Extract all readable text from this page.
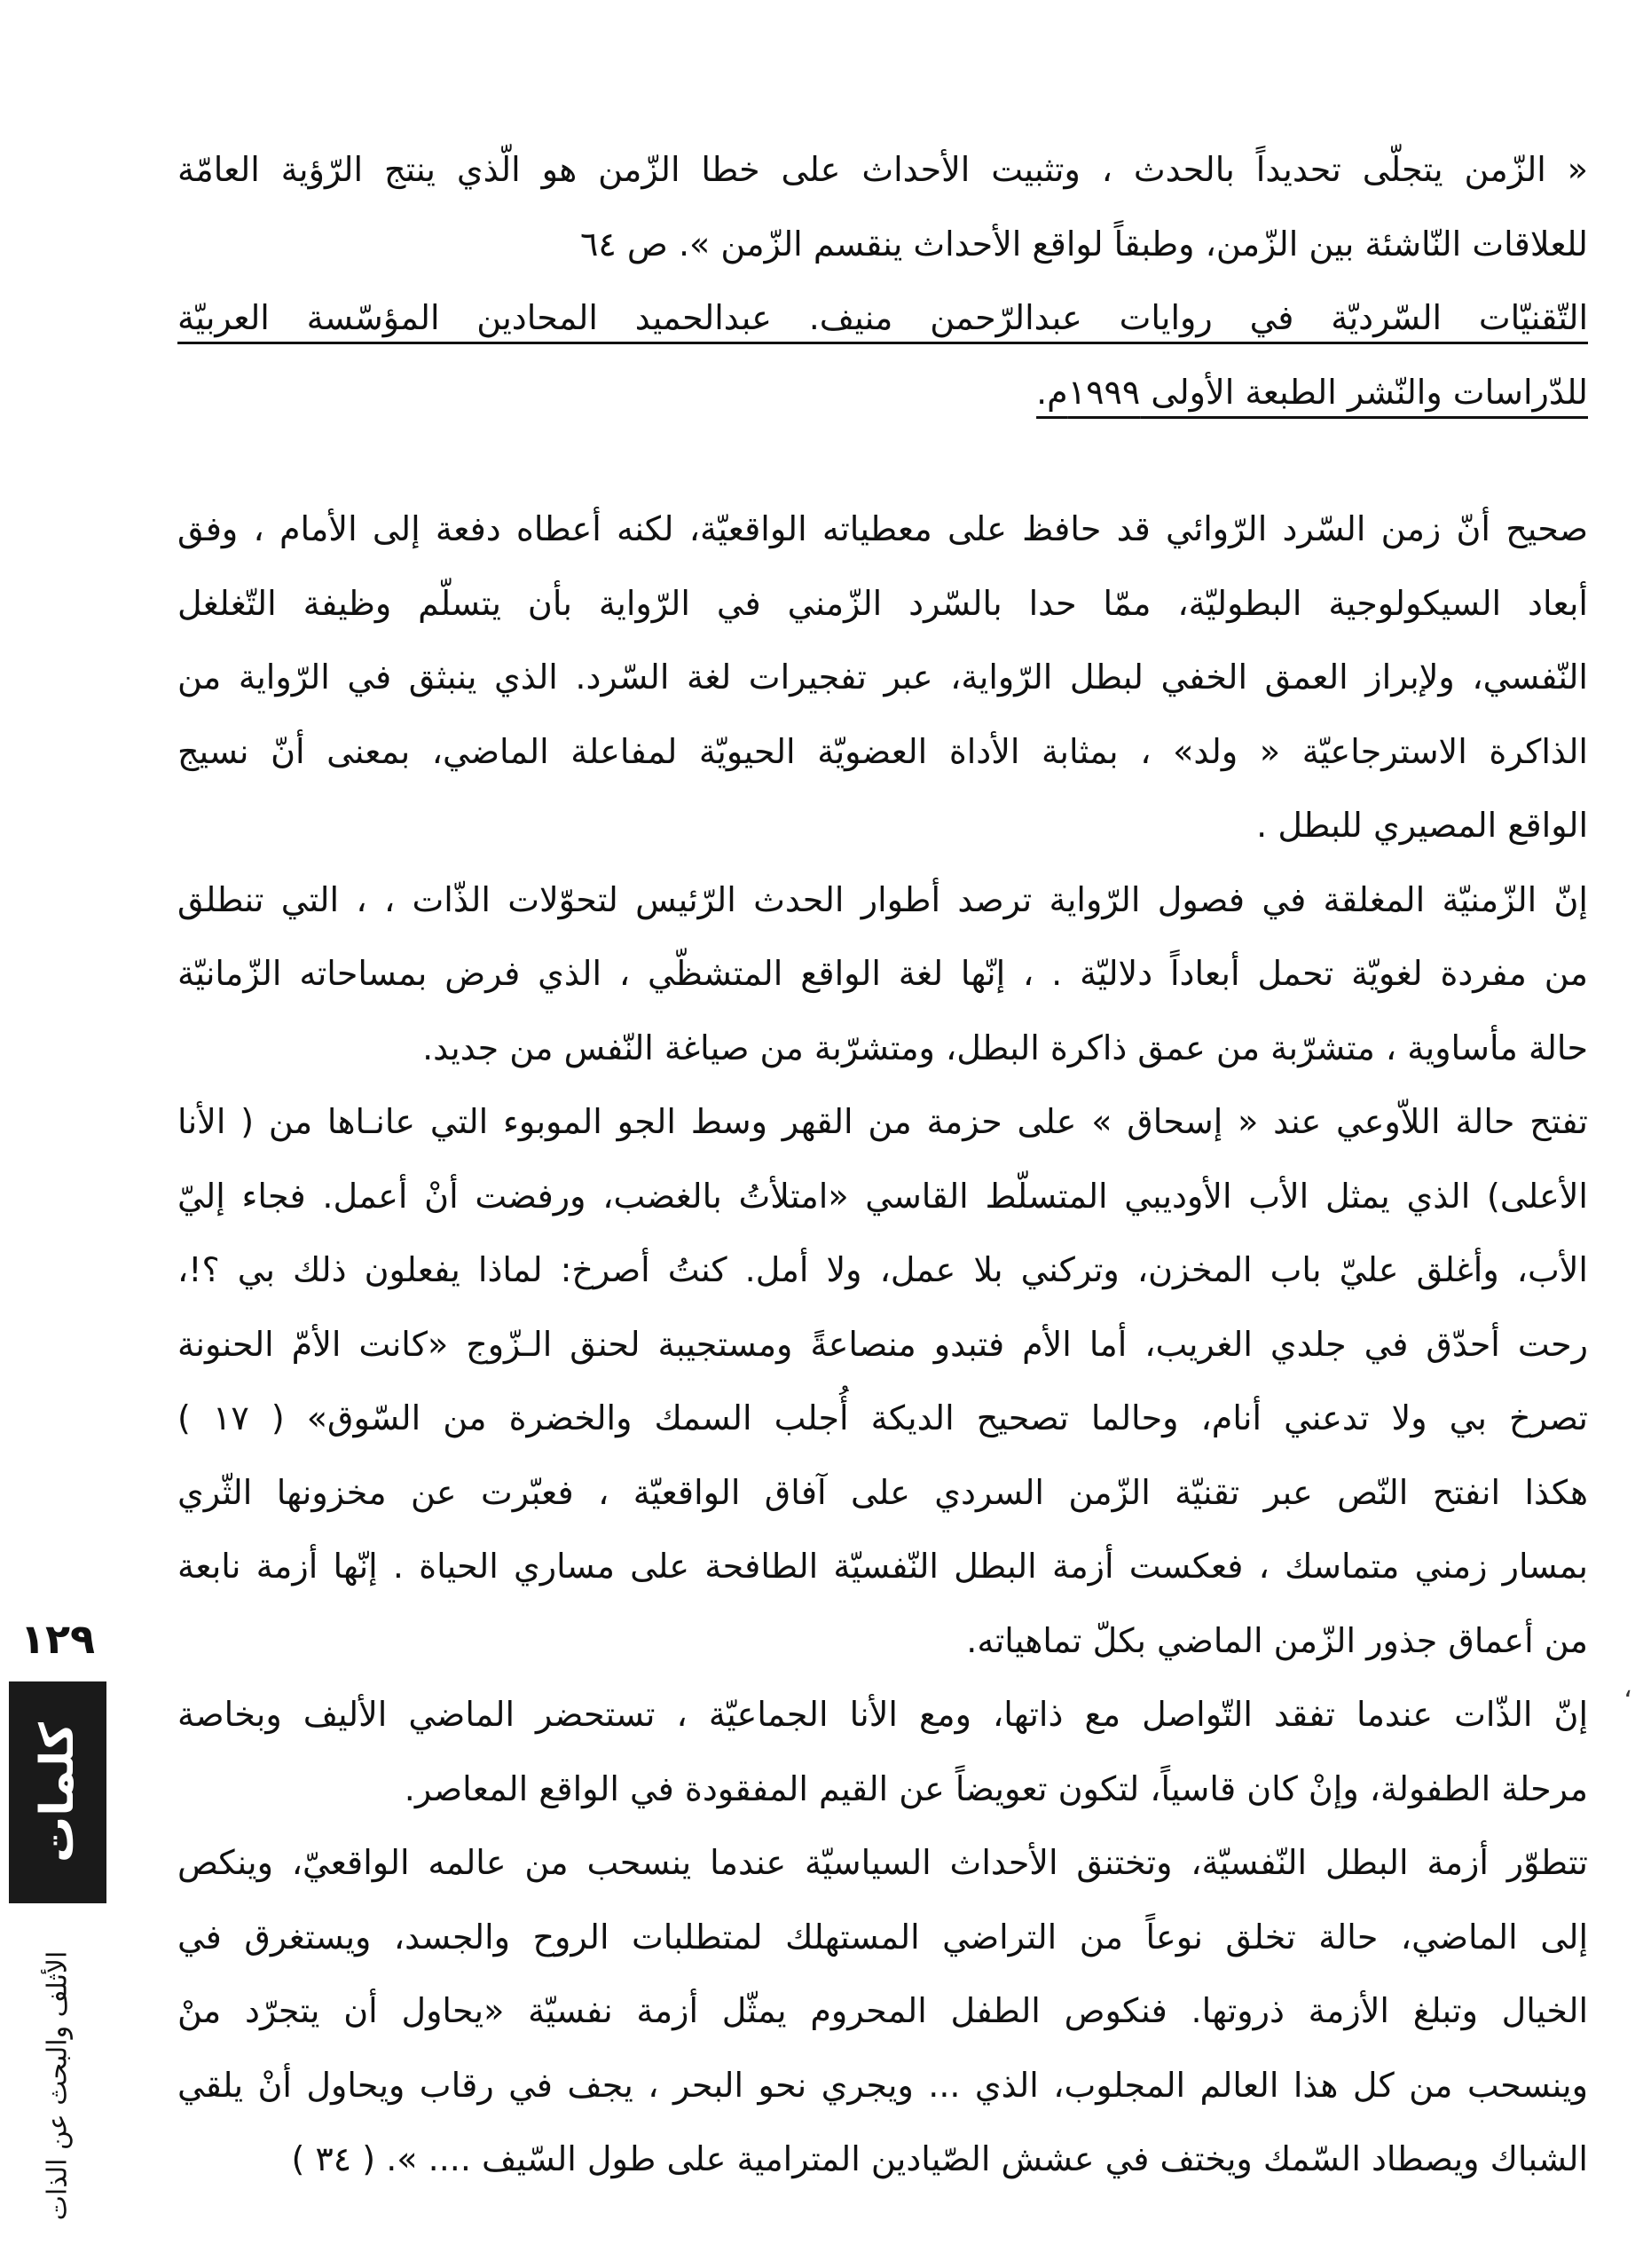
« الزّمن يتجلّى تحديداً بالحدث ، وتثبيت الأحداث على خطا الزّمن هو الّذي ينتج الرّؤية العامّة
للعلاقات النّاشئة بين الزّمن، وطبقاً لواقع الأحداث ينقسم الزّمن ». ص ٦٤
التّقنيّات السّرديّة في روايات عبدالرّحمن منيف. عبدالحميد المحادين المؤسّسة العربيّة
للدّراسات والنّشر الطبعة الأولى ١٩٩٩م.
صحيح أنّ زمن السّرد الرّوائي قد حافظ على معطياته الواقعيّة، لكنه أعطاه دفعة إلى الأمام ، وفق
أبعاد السيكولوجية البطوليّة، ممّا حدا بالسّرد الزّمني في الرّواية بأن يتسلّم وظيفة التّغلغل
النّفسي، ولإبراز العمق الخفي لبطل الرّواية، عبر تفجيرات لغة السّرد. الذي ينبثق في الرّواية من
الذاكرة الاسترجاعيّة « ولد» ، بمثابة الأداة العضويّة الحيويّة لمفاعلة الماضي، بمعنى أنّ نسيج
الواقع المصيري للبطل .
إنّ الزّمنيّة المغلقة في فصول الرّواية ترصد أطوار الحدث الرّئيس لتحوّلات الذّات ، ، التي تنطلق
من مفردة لغويّة تحمل أبعاداً دلاليّة . ، إنّها لغة الواقع المتشظّي ، الذي فرض بمساحاته الزّمانيّة
حالة مأساوية ، متشرّبة من عمق ذاكرة البطل، ومتشرّبة من صياغة النّفس من جديد.
تفتح حالة اللاّوعي عند « إسحاق » على حزمة من القهر وسط الجو الموبوء التي عانـاها من ( الأنا
الأعلى) الذي يمثل الأب الأوديبي المتسلّط القاسي «امتلأتُ بالغضب، ورفضت أنْ أعمل. فجاء إليّ
الأب، وأغلق عليّ باب المخزن، وتركني بلا عمل، ولا أمل. كنتُ أصرخ: لماذا يفعلون ذلك بي ؟!،
رحت أحدّق في جلدي الغريب، أما الأم فتبدو منصاعةً ومستجيبة لحنق الـزّوج «كانت الأمّ الحنونة
تصرخ بي ولا تدعني أنام، وحالما تصحيح الديكة أُجلب السمك والخضرة من السّوق» ( ١٧ )
هكذا انفتح النّص عبر تقنيّة الزّمن السردي على آفاق الواقعيّة ، فعبّرت عن مخزونها الثّري
بمسار زمني متماسك ، فعكست أزمة البطل النّفسيّة الطافحة على مساري الحياة . إنّها أزمة نابعة
من أعماق جذور الزّمن الماضي بكلّ تماهياته.
إنّ الذّات عندما تفقد التّواصل مع ذاتها، ومع الأنا الجماعيّة ، تستحضر الماضي الأليف وبخاصة
مرحلة الطفولة، وإنْ كان قاسياً، لتكون تعويضاً عن القيم المفقودة في الواقع المعاصر.
تتطوّر أزمة البطل النّفسيّة، وتختنق الأحداث السياسيّة عندما ينسحب من عالمه الواقعيّ، وينكص
إلى الماضي، حالة تخلق نوعاً من التراضي المستهلك لمتطلبات الروح والجسد، ويستغرق في
الخيال وتبلغ الأزمة ذروتها. فنكوص الطفل المحروم يمثّل أزمة نفسيّة «يحاول أن يتجرّد منْ
وينسحب من كل هذا العالم المجلوب، الذي ... ويجري نحو البحر ، يجف في رقاب ويحاول أنْ يلقي
الشباك ويصطاد السّمك ويختف في عشش الصّيادين المترامية على طول السّيف .... ». ( ٣٤ )
،
١٢٩
كلمات
الأثلف والبحث عن الذات
